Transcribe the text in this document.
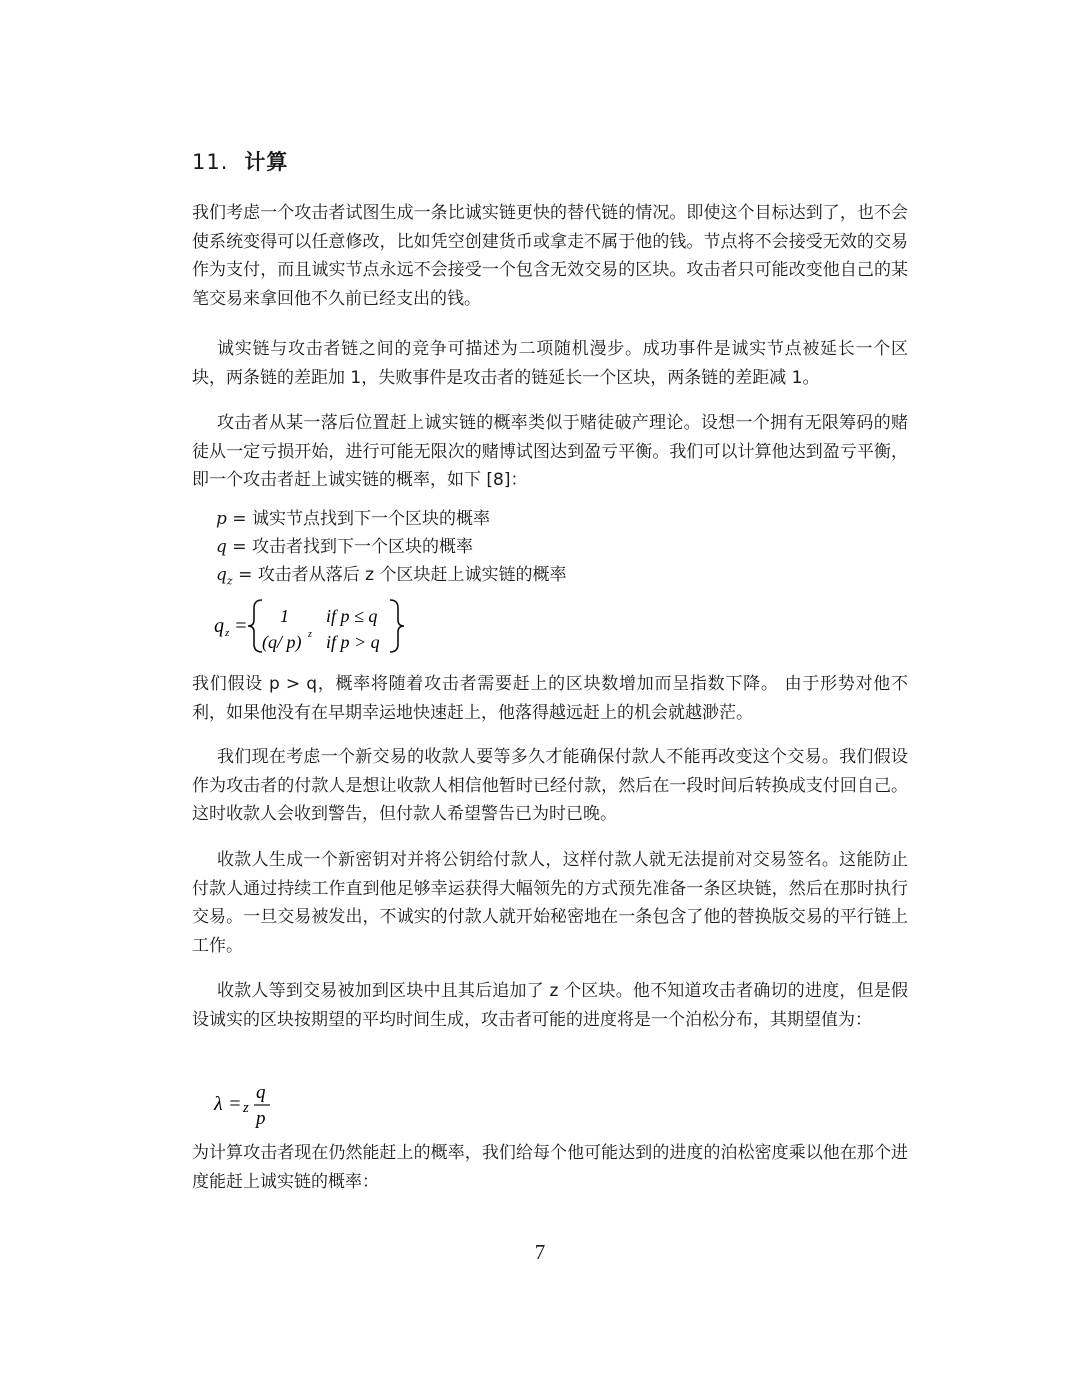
11. 计算
我们考虑一个攻击者试图生成一条比诚实链更快的替代链的情况。即使这个目标达到了，也不会使系统变得可以任意修改，比如凭空创建货币或拿走不属于他的钱。节点将不会接受无效的交易作为支付，而且诚实节点永远不会接受一个包含无效交易的区块。攻击者只可能改变他自己的某笔交易来拿回他不久前已经支出的钱。
诚实链与攻击者链之间的竞争可描述为二项随机漫步。成功事件是诚实节点被延长一个区块，两条链的差距加 1，失败事件是攻击者的链延长一个区块，两条链的差距减 1。
攻击者从某一落后位置赶上诚实链的概率类似于赌徒破产理论。设想一个拥有无限筹码的赌徒从一定亏损开始，进行可能无限次的赌博试图达到盈亏平衡。我们可以计算他达到盈亏平衡，即一个攻击者赶上诚实链的概率，如下 [8]：
p = 诚实节点找到下一个区块的概率
q = 攻击者找到下一个区块的概率
$q_z$ = 攻击者从落后 z 个区块赶上诚实链的概率
q z = 1 if p ≤ q
(q/ p) z if p > q
我们假设 p > q，概率将随着攻击者需要赶上的区块数增加而呈指数下降。 由于形势对他不利，如果他没有在早期幸运地快速赶上，他落得越远赶上的机会就越渺茫。
我们现在考虑一个新交易的收款人要等多久才能确保付款人不能再改变这个交易。我们假设作为攻击者的付款人是想让收款人相信他暂时已经付款，然后在一段时间后转换成支付回自己。这时收款人会收到警告，但付款人希望警告已为时已晚。
收款人生成一个新密钥对并将公钥给付款人，这样付款人就无法提前对交易签名。这能防止付款人通过持续工作直到他足够幸运获得大幅领先的方式预先准备一条区块链，然后在那时执行交易。一旦交易被发出，不诚实的付款人就开始秘密地在一条包含了他的替换版交易的平行链上工作。
收款人等到交易被加到区块中且其后追加了 z 个区块。他不知道攻击者确切的进度，但是假设诚实的区块按期望的平均时间生成，攻击者可能的进度将是一个泊松分布，其期望值为：
λ = z
q
p
为计算攻击者现在仍然能赶上的概率，我们给每个他可能达到的进度的泊松密度乘以他在那个进度能赶上诚实链的概率：
7
